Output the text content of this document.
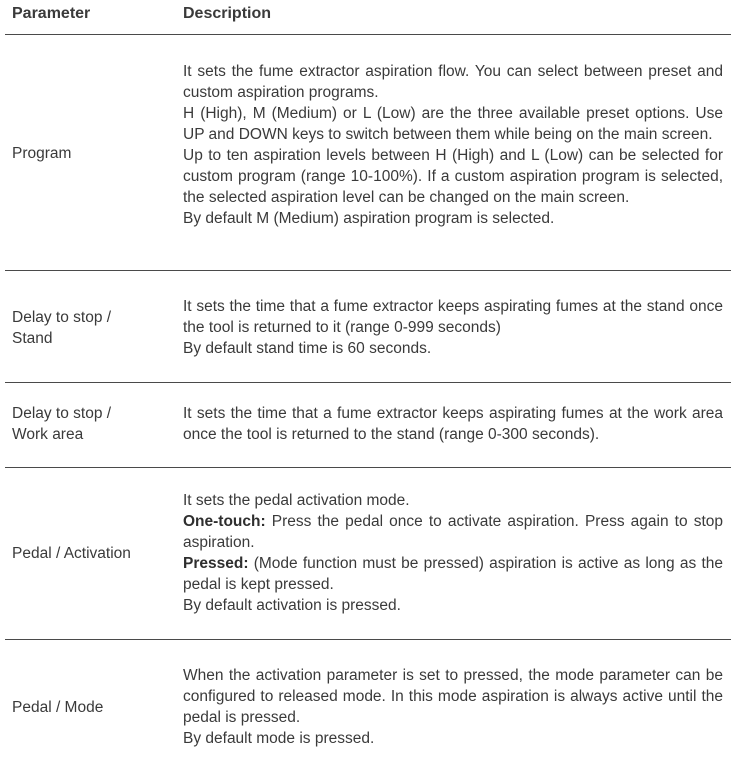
Parameter	Description
Program

It sets the fume extractor aspiration flow. You can select between preset and custom aspiration programs.

H (High), M (Medium) or L (Low) are the three available preset options. Use UP and DOWN keys to switch between them while being on the main screen.

Up to ten aspiration levels between H (High) and L (Low) can be selected for custom program (range 10-100%). If a custom aspiration program is selected, the selected aspiration level can be changed on the main screen.

By default M (Medium) aspiration program is selected.

Delay to stop / Stand

It sets the time that a fume extractor keeps aspirating fumes at the stand once the tool is returned to it (range 0-999 seconds)

By default stand time is 60 seconds.

Delay to stop / Work area

It sets the time that a fume extractor keeps aspirating fumes at the work area once the tool is returned to the stand (range 0-300 seconds).

Pedal / Activation

It sets the pedal activation mode.

One-touch: Press the pedal once to activate aspiration. Press again to stop aspiration.

Pressed: (Mode function must be pressed) aspiration is active as long as the pedal is kept pressed.

By default activation is pressed.

Pedal / Mode

When the activation parameter is set to pressed, the mode parameter can be configured to released mode. In this mode aspiration is always active until the pedal is pressed.

By default mode is pressed.
